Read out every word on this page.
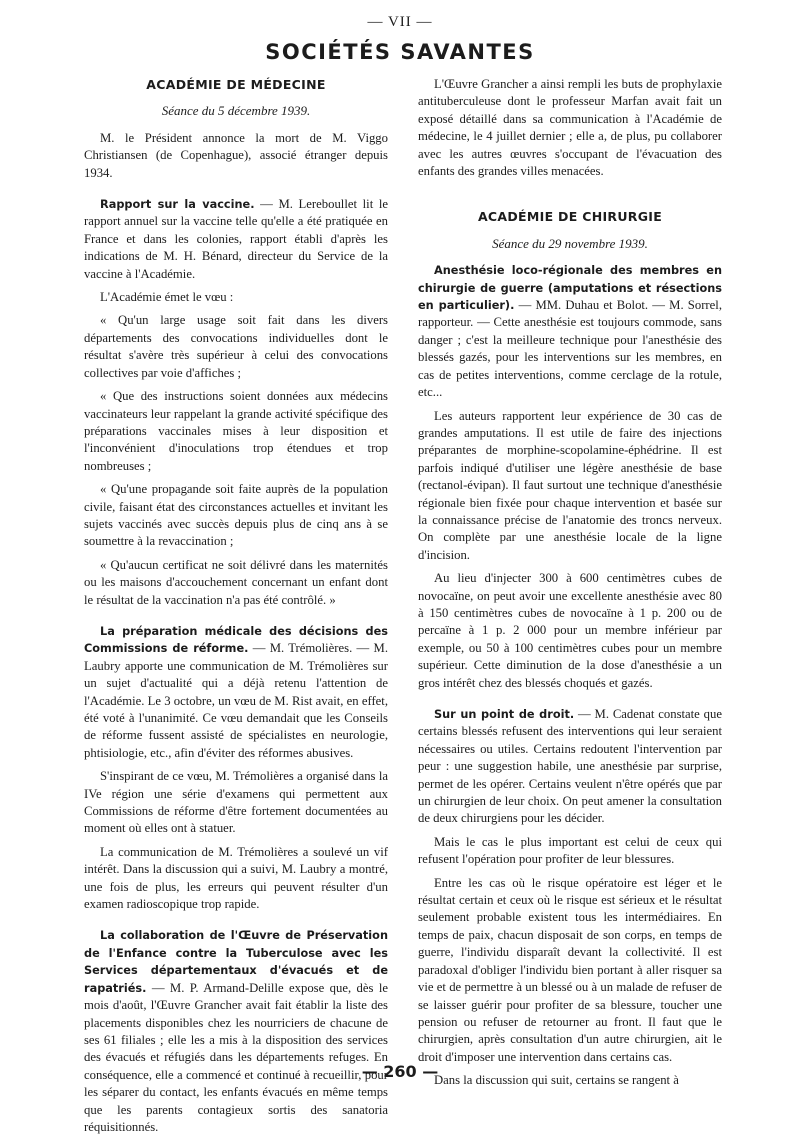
— VII —
SOCIÉTÉS SAVANTES
ACADÉMIE DE MÉDECINE
Séance du 5 décembre 1939.

M. le Président annonce la mort de M. Viggo Christiansen (de Copenhague), associé étranger depuis 1934.

Rapport sur la vaccine. — M. Lereboullet lit le rapport annuel sur la vaccine telle qu'elle a été pratiquée en France et dans les colonies, rapport établi d'après les indications de M. H. Bénard, directeur du Service de la vaccine à l'Académie.

L'Académie émet le vœu :

« Qu'un large usage soit fait dans les divers départements des convocations individuelles dont le résultat s'avère très supérieur à celui des convocations collectives par voie d'affiches ;

« Que des instructions soient données aux médecins vaccinateurs leur rappelant la grande activité spécifique des préparations vaccinales mises à leur disposition et l'inconvénient d'inoculations trop étendues et trop nombreuses ;

« Qu'une propagande soit faite auprès de la population civile, faisant état des circonstances actuelles et invitant les sujets vaccinés avec succès depuis plus de cinq ans à se soumettre à la revaccination ;

« Qu'aucun certificat ne soit délivré dans les maternités ou les maisons d'accouchement concernant un enfant dont le résultat de la vaccination n'a pas été contrôlé. »

La préparation médicale des décisions des Commissions de réforme. — M. Trémolières. — M. Laubry apporte une communication de M. Trémolières sur un sujet d'actualité qui a déjà retenu l'attention de l'Académie. Le 3 octobre, un vœu de M. Rist avait, en effet, été voté à l'unanimité. Ce vœu demandait que les Conseils de réforme fussent assisté de spécialistes en neurologie, phtisiologie, etc., afin d'éviter des réformes abusives.

S'inspirant de ce vœu, M. Trémolières a organisé dans la IVe région une série d'examens qui permettent aux Commissions de réforme d'être fortement documentées au moment où elles ont à statuer.

La communication de M. Trémolières a soulevé un vif intérêt. Dans la discussion qui a suivi, M. Laubry a montré, une fois de plus, les erreurs qui peuvent résulter d'un examen radioscopique trop rapide.

La collaboration de l'Œuvre de Préservation de l'Enfance contre la Tuberculose avec les Services départementaux d'évacués et de rapatriés. — M. P. Armand-Delille expose que, dès le mois d'août, l'Œuvre Grancher avait fait établir la liste des placements disponibles chez les nourriciers de chacune de ses 61 filiales ; elle les a mis à la disposition des services des évacués et réfugiés dans les départements refuges. En conséquence, elle a commencé et continué à recueillir, pour les séparer du contact, les enfants évacués en même temps que les parents contagieux sortis des sanatoria réquisitionnés.

L'Œuvre Grancher a ainsi rempli les buts de prophylaxie antituberculeuse dont le professeur Marfan avait fait un exposé détaillé dans sa communication à l'Académie de médecine, le 4 juillet dernier ; elle a, de plus, pu collaborer avec les autres œuvres s'occupant de l'évacuation des enfants des grandes villes menacées.

ACADÉMIE DE CHIRURGIE
Séance du 29 novembre 1939.

Anesthésie loco-régionale des membres en chirurgie de guerre (amputations et résections en particulier). — MM. Duhau et Bolot. — M. Sorrel, rapporteur. — Cette anesthésie est toujours commode, sans danger ; c'est la meilleure technique pour l'anesthésie des blessés gazés, pour les interventions sur les membres, en cas de petites interventions, comme cerclage de la rotule, etc...

Les auteurs rapportent leur expérience de 30 cas de grandes amputations. Il est utile de faire des injections préparantes de morphine-scopolamine-éphédrine. Il est parfois indiqué d'utiliser une légère anesthésie de base (rectanol-évipan). Il faut surtout une technique d'anesthésie régionale bien fixée pour chaque intervention et basée sur la connaissance précise de l'anatomie des troncs nerveux. On complète par une anesthésie locale de la ligne d'incision.

Au lieu d'injecter 300 à 600 centimètres cubes de novocaïne, on peut avoir une excellente anesthésie avec 80 à 150 centimètres cubes de novocaïne à 1 p. 200 ou de percaïne à 1 p. 2 000 pour un membre inférieur par exemple, ou 50 à 100 centimètres cubes pour un membre supérieur. Cette diminution de la dose d'anesthésie a un gros intérêt chez des blessés choqués et gazés.

Sur un point de droit. — M. Cadenat constate que certains blessés refusent des interventions qui leur seraient nécessaires ou utiles. Certains redoutent l'intervention par peur : une suggestion habile, une anesthésie par surprise, permet de les opérer. Certains veulent n'être opérés que par un chirurgien de leur choix. On peut amener la consultation de deux chirurgiens pour les décider.

Mais le cas le plus important est celui de ceux qui refusent l'opération pour profiter de leur blessures.

Entre les cas où le risque opératoire est léger et le résultat certain et ceux où le risque est sérieux et le résultat seulement probable existent tous les intermédiaires. En temps de paix, chacun disposait de son corps, en temps de guerre, l'individu disparaît devant la collectivité. Il est paradoxal d'obliger l'individu bien portant à aller risquer sa vie et de permettre à un blessé ou à un malade de refuser de se laisser guérir pour profiter de sa blessure, toucher une pension ou refuser de retourner au front. Il faut que le chirurgien, après consultation d'un autre chirurgien, ait le droit d'imposer une intervention dans certains cas.

Dans la discussion qui suit, certains se rangent à

— 260 —
